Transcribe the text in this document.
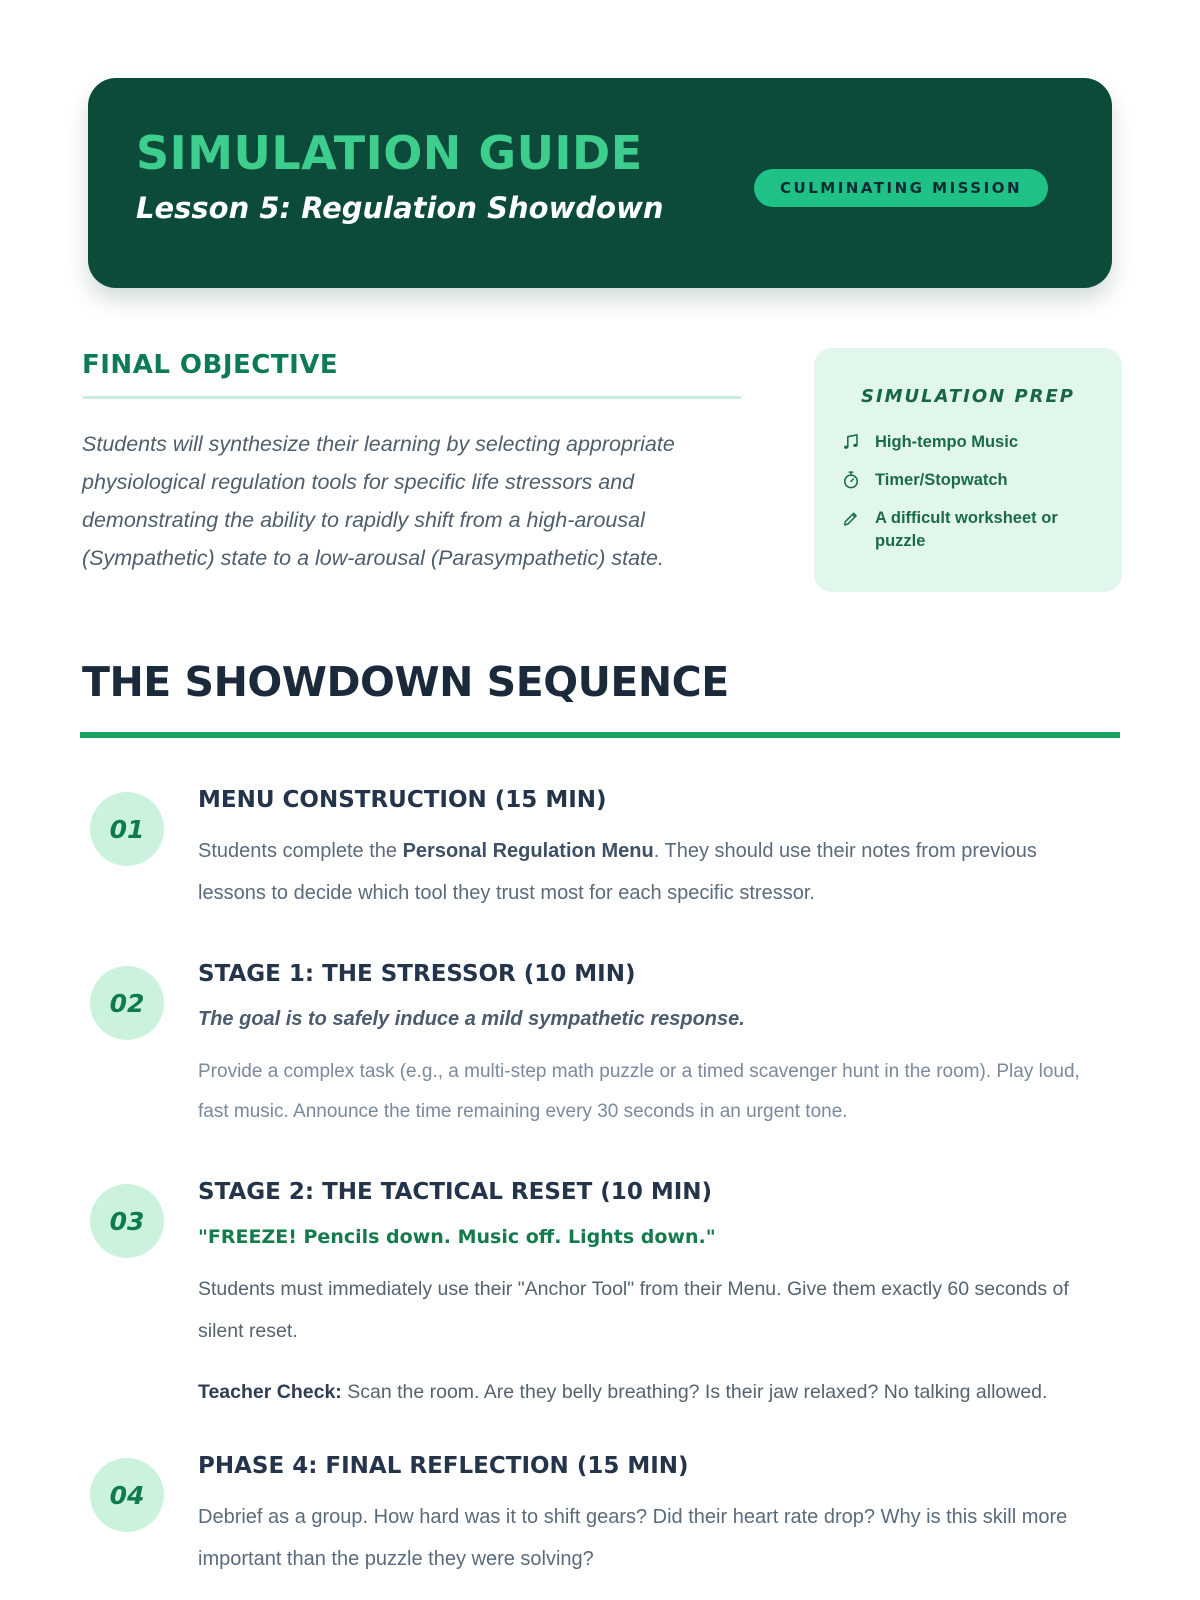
SIMULATION GUIDE

Lesson 5: Regulation Showdown

CULMINATING MISSION
FINAL OBJECTIVE

Students will synthesize their learning by selecting appropriate physiological regulation tools for specific life stressors and demonstrating the ability to rapidly shift from a high-arousal (Sympathetic) state to a low-arousal (Parasympathetic) state.

SIMULATION PREP
High-tempo Music
Timer/Stopwatch
A difficult worksheet or puzzle
THE SHOWDOWN SEQUENCE
01
MENU CONSTRUCTION (15 MIN)

Students complete the Personal Regulation Menu. They should use their notes from previous lessons to decide which tool they trust most for each specific stressor.

02
STAGE 1: THE STRESSOR (10 MIN)

The goal is to safely induce a mild sympathetic response.

Provide a complex task (e.g., a multi-step math puzzle or a timed scavenger hunt in the room). Play loud, fast music. Announce the time remaining every 30 seconds in an urgent tone.

03
STAGE 2: THE TACTICAL RESET (10 MIN)

"FREEZE! Pencils down. Music off. Lights down."

Students must immediately use their "Anchor Tool" from their Menu. Give them exactly 60 seconds of silent reset.

Teacher Check: Scan the room. Are they belly breathing? Is their jaw relaxed? No talking allowed.

04
PHASE 4: FINAL REFLECTION (15 MIN)

Debrief as a group. How hard was it to shift gears? Did their heart rate drop? Why is this skill more important than the puzzle they were solving?
